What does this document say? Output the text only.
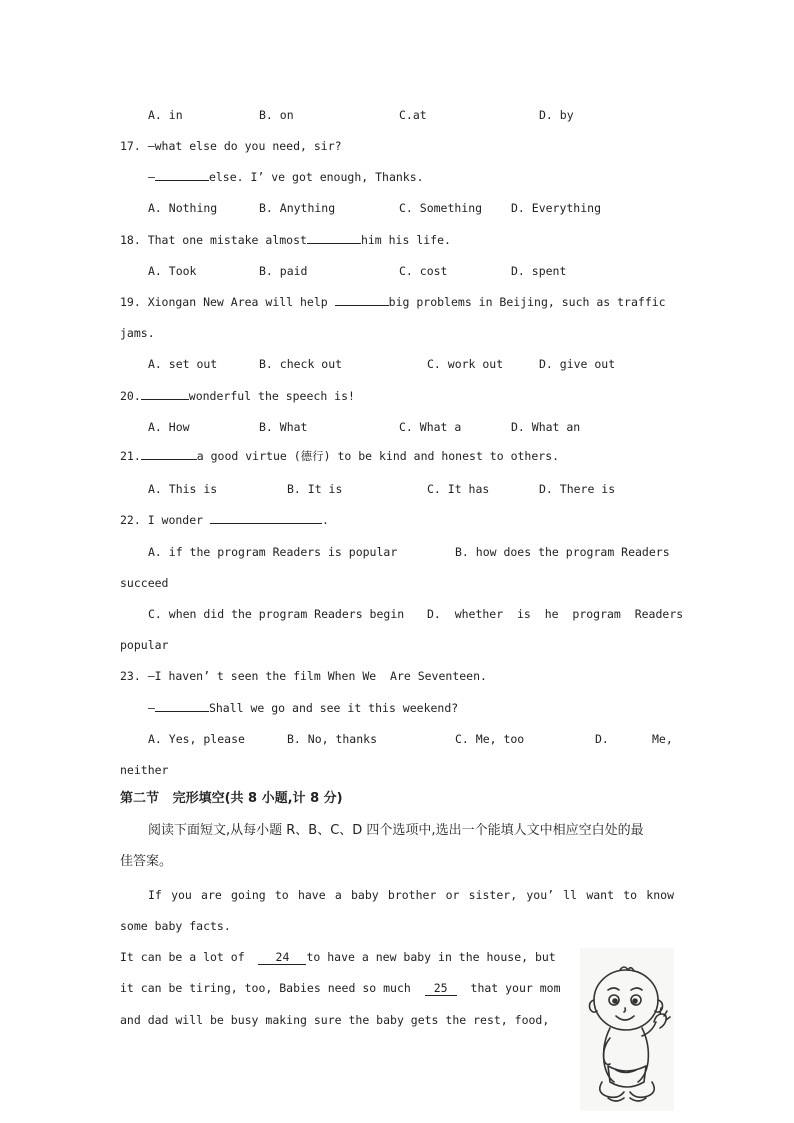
A. in	B. on	C.at	D. by
17. —what else do you need, sir?
—	else. I’ ve got enough, Thanks.
A. Nothing	B. Anything	C. Something	D. Everything
18. That one mistake almost	him his life.
A. Took	B. paid	C. cost	D. spent
19. Xiongan New Area will help	big problems in Beijing, such as traffic
jams.
A. set out	B. check out	C. work out	D. give out
20.	wonderful the speech is!
A. How	B. What	C. What a	D. What an
21.	a good virtue (德行) to be kind and honest to others.
A. This is	B. It is	C. It has	D. There is
22. I wonder	.
A. if the program Readers is popular	B. how does the program Readers
succeed
C. when did the program Readers begin D.  whether  is  he  program  Readers
popular
23. —I haven’ t seen the film When We  Are Seventeen.
—	Shall we go and see it this weekend?
A. Yes, please	B. No, thanks	C. Me, too	D.	Me,
neither
第二节   完形填空(共 8 小题,计 8 分)
阅读下面短文,从每小题 R、B、C、D 四个选项中,选出一个能填人文中相应空白处的最
佳答案。
If you are going to have a baby brother or sister, you’ ll want to know
some baby facts.
It can be a lot of	24 to have a new baby in the house, but
it can be tiring, too, Babies need so much 25 that your mom
and dad will be busy making sure the baby gets the rest, food,
